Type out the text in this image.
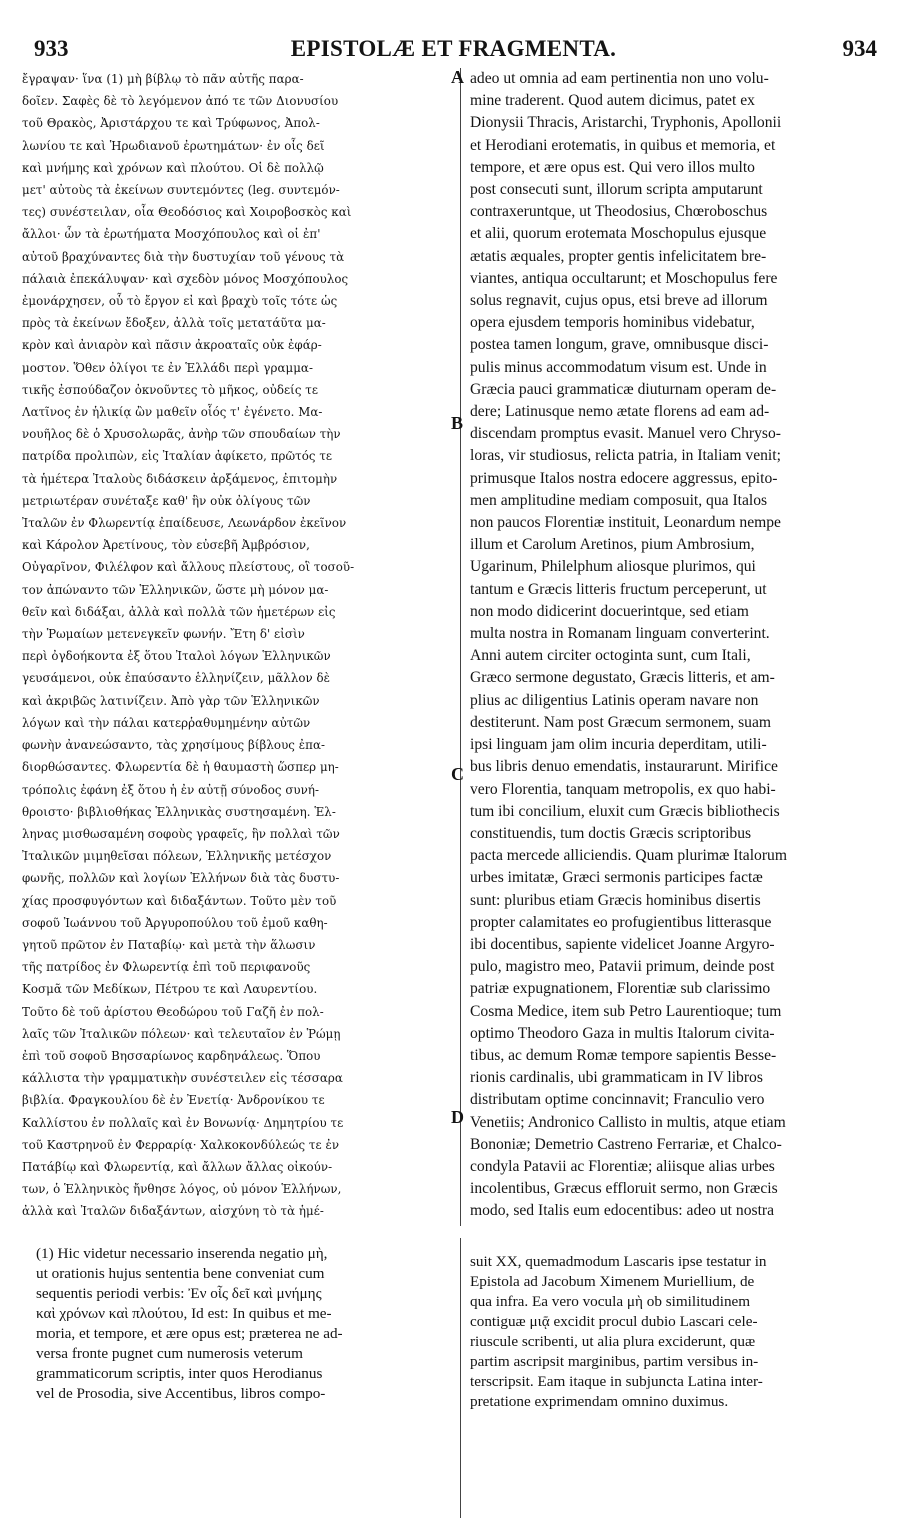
933	EPISTOLÆ ET FRAGMENTA.	934
ἔγραψαν· ἵνα (1) μὴ βίβλῳ τὸ πᾶν αὐτῆς παρα-
δοῖεν. Σαφὲς δὲ τὸ λεγόμενον ἀπό τε τῶν Διονυσίου
τοῦ Θρακὸς, Ἀριστάρχου τε καὶ Τρύφωνος, Ἀπολ-
λωνίου τε καὶ Ἡρωδιανοῦ ἐρωτημάτων· ἐν οἷς δεῖ
καὶ μνήμης καὶ χρόνων καὶ πλούτου. Οἱ δὲ πολλῷ
μετ' αὐτοὺς τὰ ἐκείνων συντεμόντες (leg. συντεμόν-
τες) συνέστειλαν, οἷα Θεοδόσιος καὶ Χοιροβοσκὸς καὶ
ἄλλοι· ὧν τὰ ἐρωτήματα Μοσχόπουλος καὶ οἱ ἐπ'
αὐτοῦ βραχύναντες διὰ τὴν δυστυχίαν τοῦ γένους τὰ
πάλαιὰ ἐπεκάλυψαν· καὶ σχεδὸν μόνος Μοσχόπουλος
ἐμονάρχησεν, οὗ τὸ ἔργον εἰ καὶ βραχὺ τοῖς τότε ὡς
πρὸς τὰ ἐκείνων ἔδοξεν, ἀλλὰ τοῖς μετατάῦτα μα-
κρὸν καὶ ἀνιαρὸν καὶ πᾶσιν ἀκροαταῖς οὐκ ἐφάρ-
μοστον. Ὅθεν ὀλίγοι τε ἐν Ἑλλάδι περὶ γραμμα-
τικῆς ἐσπούδαζον ὀκνοῦντες τὸ μῆκος, οὐδείς τε
Λατῖνος ἐν ἡλικίᾳ ὢν μαθεῖν οἷός τ' ἐγένετο. Μα-
νουῆλος δὲ ὁ Χρυσολωρᾶς, ἀνὴρ τῶν σπουδαίων τὴν
πατρίδα προλιπὼν, εἰς Ἰταλίαν ἀφίκετο, πρῶτός τε
τὰ ἡμέτερα Ἰταλοὺς διδάσκειν ἀρξάμενος, ἐπιτομὴν
μετριωτέραν συνέταξε καθ' ἣν οὐκ ὀλίγους τῶν
Ἰταλῶν ἐν Φλωρεντίᾳ ἐπαίδευσε, Λεωνάρδον ἐκεῖνον
καὶ Κάρολον Ἀρετίνους, τὸν εὐσεβῆ Ἀμβρόσιον,
Οὐγαρῖνον, Φιλέλφον καὶ ἄλλους πλείστους, οἳ τοσοῦ-
τον ἀπώναντο τῶν Ἑλληνικῶν, ὥστε μὴ μόνον μα-
θεῖν καὶ διδάξαι, ἀλλὰ καὶ πολλὰ τῶν ἡμετέρων εἰς
τὴν Ῥωμαίων μετενεγκεῖν φωνήν. Ἔτη δ' εἰσὶν
περὶ ὀγδοήκοντα ἐξ ὅτου Ἰταλοὶ λόγων Ἑλληνικῶν
γευσάμενοι, οὐκ ἐπαύσαντο ἑλληνίζειν, μᾶλλον δὲ
καὶ ἀκριβῶς λατινίζειν. Ἀπὸ γὰρ τῶν Ἑλληνικῶν
λόγων καὶ τὴν πάλαι κατερῥαθυμημένην αὐτῶν
φωνὴν ἀνανεώσαντο, τὰς χρησίμους βίβλους ἐπα-
διορθώσαντες. Φλωρεντία δὲ ἡ θαυμαστὴ ὥσπερ μη-
τρόπολις ἐφάνη ἐξ ὅτου ἡ ἐν αὐτῇ σύνοδος συνή-
θροιστο· βιβλιοθήκας Ἑλληνικὰς συστησαμένη. Ἑλ-
ληνας μισθωσαμένη σοφοὺς γραφεῖς, ἣν πολλαὶ τῶν
Ἰταλικῶν μιμηθεῖσαι πόλεων, Ἑλληνικῆς μετέσχον
φωνῆς, πολλῶν καὶ λογίων Ἑλλήνων διὰ τὰς δυστυ-
χίας προσφυγόντων καὶ διδαξάντων. Τοῦτο μὲν τοῦ
σοφοῦ Ἰωάννου τοῦ Ἀργυροπούλου τοῦ ἐμοῦ καθη-
γητοῦ πρῶτον ἐν Παταβίῳ· καὶ μετὰ τὴν ἅλωσιν
τῆς πατρίδος ἐν Φλωρεντίᾳ ἐπὶ τοῦ περιφανοῦς
Κοσμᾶ τῶν Μεδίκων, Πέτρου τε καὶ Λαυρεντίου.
Τοῦτο δὲ τοῦ ἀρίστου Θεοδώρου τοῦ Γαζῆ ἐν πολ-
λαῖς τῶν Ἰταλικῶν πόλεων· καὶ τελευταῖον ἐν Ῥώμῃ
ἐπὶ τοῦ σοφοῦ Βησσαρίωνος καρδηνάλεως. Ὅπου
κάλλιστα τὴν γραμματικὴν συνέστειλεν εἰς τέσσαρα
βιβλία. Φραγκουλίου δὲ ἐν Ἐνετίᾳ· Ἀνδρονίκου τε
Καλλίστου ἐν πολλαῖς καὶ ἐν Βονωνίᾳ· Δημητρίου τε
τοῦ Καστρηνοῦ ἐν Φερραρίᾳ· Χαλκοκονδύλεώς τε ἐν
Πατάβίῳ καὶ Φλωρεντίᾳ, καὶ ἄλλων ἄλλας οἰκούν-
των, ὁ Ἑλληνικὸς ἤνθησε λόγος, οὐ μόνον Ἑλλήνων,
ἀλλὰ καὶ Ἰταλῶν διδαξάντων, αἰσχύνη τὸ τὰ ἡμέ-
adeo ut omnia ad eam pertinentia non uno volu-
mine traderent. Quod autem dicimus, patet ex
Dionysii Thracis, Aristarchi, Tryphonis, Apollonii
et Herodiani erotematis, in quibus et memoria, et
tempore, et ære opus est. Qui vero illos multo
post consecuti sunt, illorum scripta amputarunt
contraxeruntque, ut Theodosius, Chœroboschus
et alii, quorum erotemata Moschopulus ejusque
ætatis æquales, propter gentis infelicitatem bre-
viantes, antiqua occultarunt; et Moschopulus fere
solus regnavit, cujus opus, etsi breve ad illorum
opera ejusdem temporis hominibus videbatur,
postea tamen longum, grave, omnibusque disci-
pulis minus accommodatum visum est. Unde in
Græcia pauci grammaticæ diuturnam operam de-
dere; Latinusque nemo ætate florens ad eam ad-
discendam promptus evasit. Manuel vero Chryso-
loras, vir studiosus, relicta patria, in Italiam venit;
primusque Italos nostra edocere aggressus, epito-
men amplitudine mediam composuit, qua Italos
non paucos Florentiæ instituit, Leonardum nempe
illum et Carolum Aretinos, pium Ambrosium,
Ugarinum, Philelphum aliosque plurimos, qui
tantum e Græcis litteris fructum perceperunt, ut
non modo didicerint docuerintque, sed etiam
multa nostra in Romanam linguam converterint.
Anni autem circiter octoginta sunt, cum Itali,
Græco sermone degustato, Græcis litteris, et am-
plius ac diligentius Latinis operam navare non
destiterunt. Nam post Græcum sermonem, suam
ipsi linguam jam olim incuria deperditam, utili-
bus libris denuo emendatis, instaurarunt. Mirifice
vero Florentia, tanquam metropolis, ex quo habi-
tum ibi concilium, eluxit cum Græcis bibliothecis
constituendis, tum doctis Græcis scriptoribus
pacta mercede alliciendis. Quam plurimæ Italorum
urbes imitatæ, Græci sermonis participes factæ
sunt: pluribus etiam Græcis hominibus disertis
propter calamitates eo profugientibus litterasque
ibi docentibus, sapiente videlicet Joanne Argyro-
pulo, magistro meo, Patavii primum, deinde post
patriæ expugnationem, Florentiæ sub clarissimo
Cosma Medice, item sub Petro Laurentioque; tum
optimo Theodoro Gaza in multis Italorum civita-
tibus, ac demum Romæ tempore sapientis Besse-
rionis cardinalis, ubi grammaticam in IV libros
distributam optime concinnavit; Franculio vero
Venetiis; Andronico Callisto in multis, atque etiam
Bononiæ; Demetrio Castreno Ferrariæ, et Chalco-
condyla Patavii ac Florentiæ; aliisque alias urbes
incolentibus, Græcus effloruit sermo, non Græcis
modo, sed Italis eum edocentibus: adeo ut nostra
A
B
C
D
(1) Hic videtur necessario inserenda negatio μὴ,
ut orationis hujus sententia bene conveniat cum
sequentis periodi verbis: Ἐν οἷς δεῖ καὶ μνήμης
καὶ χρόνων καὶ πλούτου, Id est: In quibus et me-
moria, et tempore, et ære opus est; præterea ne ad-
versa fronte pugnet cum numerosis veterum
grammaticorum scriptis, inter quos Herodianus
vel de Prosodia, sive Accentibus, libros compo-
suit XX, quemadmodum Lascaris ipse testatur in
Epistola ad Jacobum Ximenem Muriellium, de
qua infra. Ea vero vocula μὴ ob similitudinem
contiguæ μιᾷ excidit procul dubio Lascari cele-
riuscule scribenti, ut alia plura exciderunt, quæ
partim ascripsit marginibus, partim versibus in-
terscripsit. Eam itaque in subjuncta Latina inter-
pretatione exprimendam omnino duximus.
